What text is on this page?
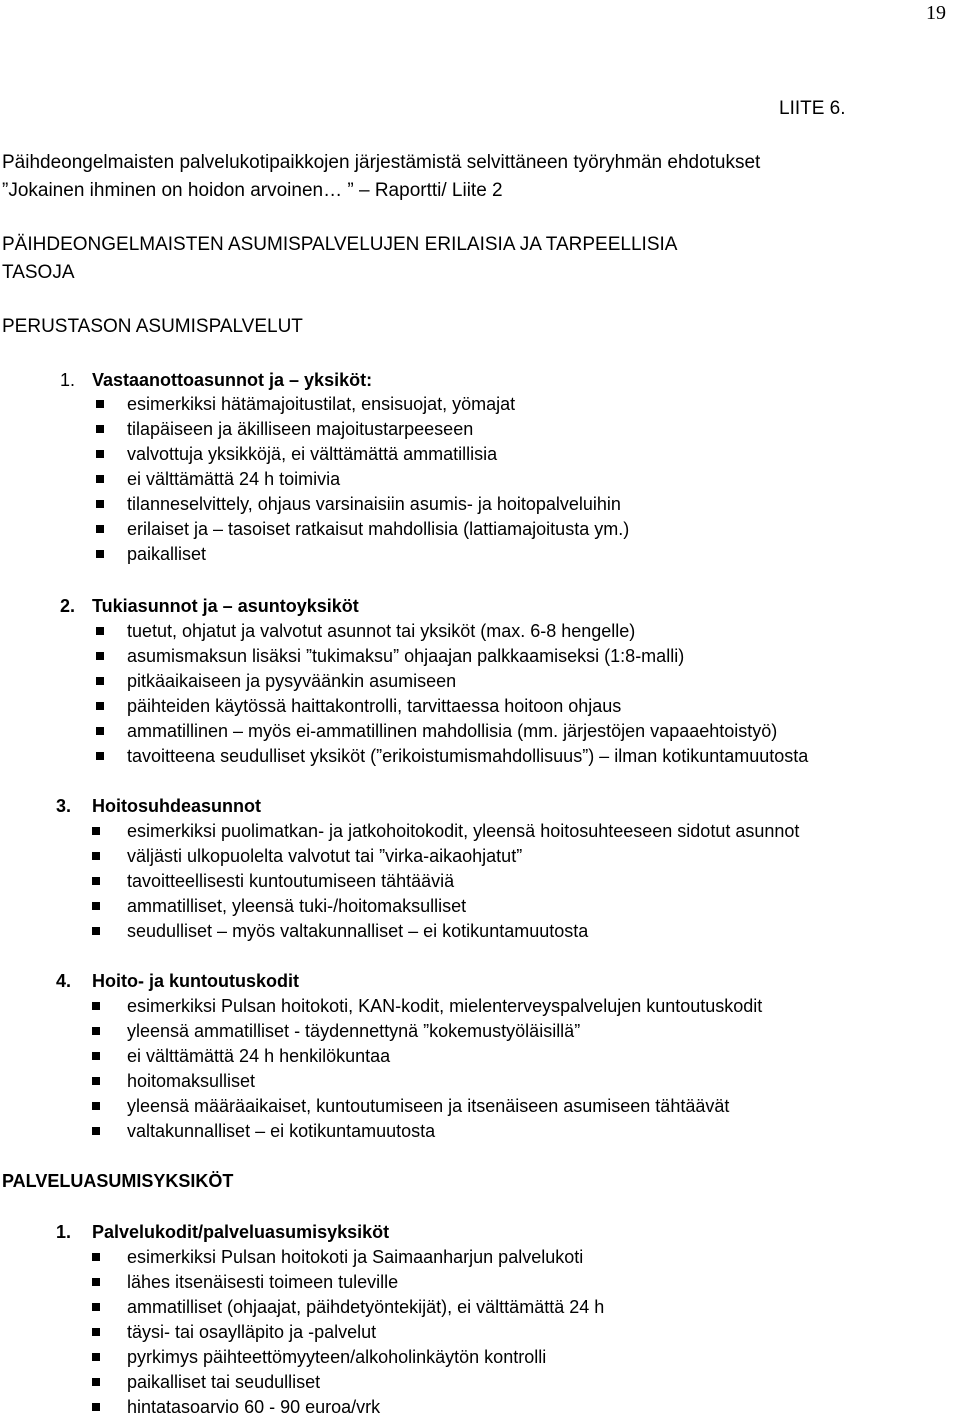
19
LIITE 6.
Päihdeongelmaisten palvelukotipaikkojen järjestämistä selvittäneen työryhmän ehdotukset
”Jokainen ihminen on hoidon arvoinen… ” – Raportti/ Liite 2
PÄIHDEONGELMAISTEN ASUMISPALVELUJEN ERILAISIA JA TARPEELLISIA
TASOJA
PERUSTASON ASUMISPALVELUT
1. Vastaanottoasunnot ja – yksiköt:
esimerkiksi hätämajoitustilat, ensisuojat, yömajat
tilapäiseen ja äkilliseen majoitustarpeeseen
valvottuja yksikköjä, ei välttämättä ammatillisia
ei välttämättä 24 h toimivia
tilanneselvittely, ohjaus varsinaisiin asumis- ja hoitopalveluihin
erilaiset ja – tasoiset ratkaisut mahdollisia (lattiamajoitusta ym.)
paikalliset
2. Tukiasunnot ja – asuntoyksiköt
tuetut, ohjatut ja valvotut asunnot tai yksiköt (max. 6-8 hengelle)
asumismaksun lisäksi ”tukimaksu” ohjaajan palkkaamiseksi (1:8-malli)
pitkäaikaiseen ja pysyväänkin asumiseen
päihteiden käytössä haittakontrolli, tarvittaessa hoitoon ohjaus
ammatillinen – myös ei-ammatillinen mahdollisia (mm. järjestöjen vapaaehtoistyö)
tavoitteena seudulliset yksiköt (”erikoistumismahdollisuus”) – ilman kotikuntamuutosta
3. Hoitosuhdeasunnot
esimerkiksi puolimatkan- ja jatkohoitokodit, yleensä hoitosuhteeseen sidotut asunnot
väljästi ulkopuolelta valvotut tai ”virka-aikaohjatut”
tavoitteellisesti kuntoutumiseen tähtääviä
ammatilliset, yleensä tuki-/hoitomaksulliset
seudulliset – myös valtakunnalliset – ei kotikuntamuutosta
4. Hoito- ja kuntoutuskodit
esimerkiksi Pulsan hoitokoti, KAN-kodit, mielenterveyspalvelujen kuntoutuskodit
yleensä ammatilliset - täydennettynä ”kokemustyöläisillä”
ei välttämättä 24 h henkilökuntaa
hoitomaksulliset
yleensä määräaikaiset, kuntoutumiseen ja itsenäiseen asumiseen tähtäävät
valtakunnalliset – ei kotikuntamuutosta
PALVELUASUMISYKSIKÖT
1. Palvelukodit/palveluasumisyksiköt
esimerkiksi Pulsan hoitokoti ja Saimaanharjun palvelukoti
lähes itsenäisesti toimeen tuleville
ammatilliset (ohjaajat, päihdetyöntekijät), ei välttämättä 24 h
täysi- tai osaylläpito ja -palvelut
pyrkimys päihteettömyyteen/alkoholinkäytön kontrolli
paikalliset tai seudulliset
hintatasoarvio 60 - 90 euroa/vrk
